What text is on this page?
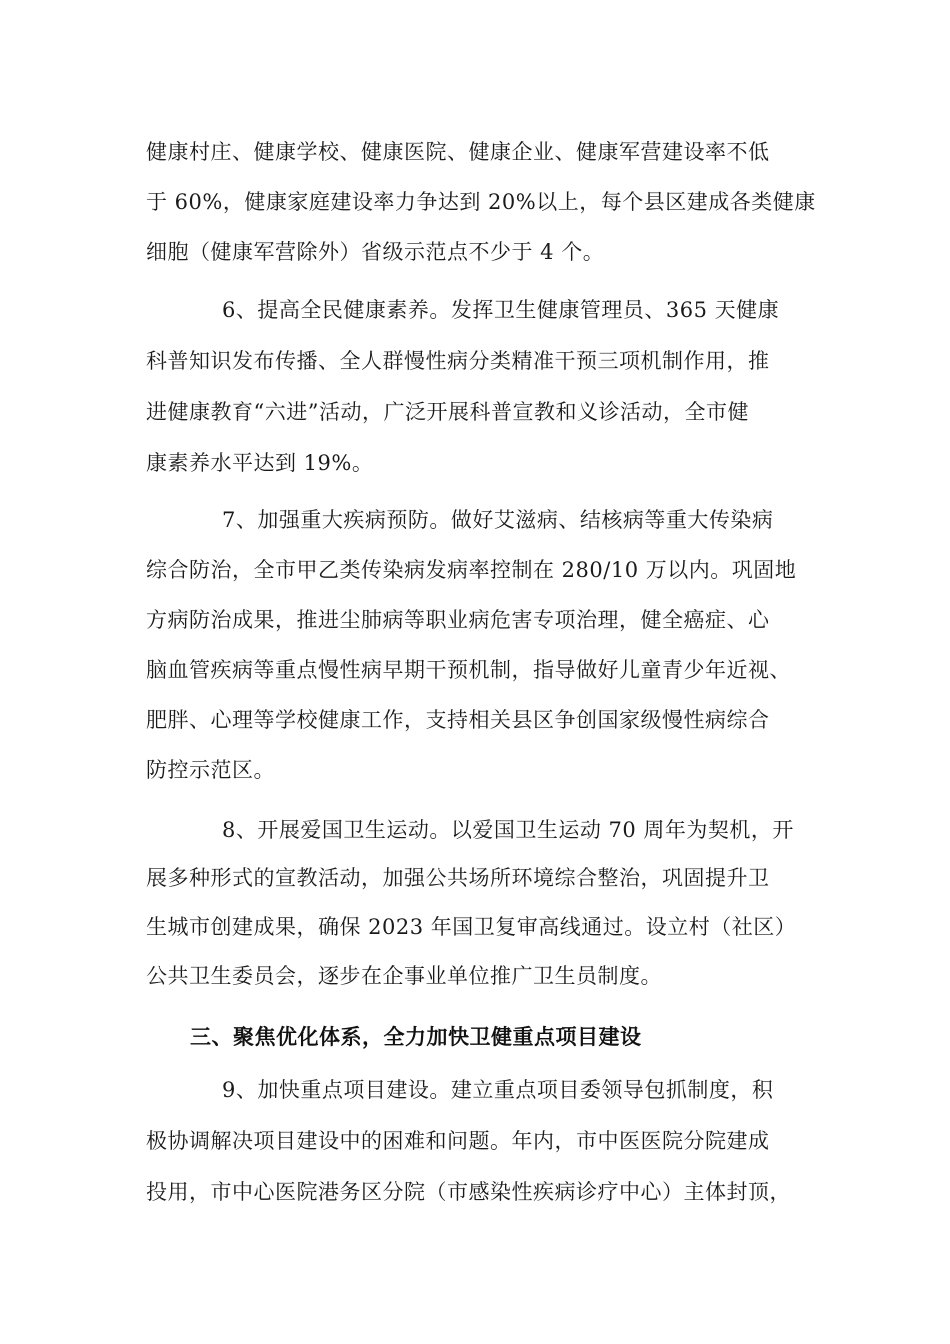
健康村庄、健康学校、健康医院、健康企业、健康军营建设率不低
于 60%，健康家庭建设率力争达到 20%以上，每个县区建成各类健康
细胞（健康军营除外）省级示范点不少于 4 个。
6、提高全民健康素养。发挥卫生健康管理员、365 天健康
科普知识发布传播、全人群慢性病分类精准干预三项机制作用，推
进健康教育“六进”活动，广泛开展科普宣教和义诊活动，全市健
康素养水平达到 19%。
7、加强重大疾病预防。做好艾滋病、结核病等重大传染病
综合防治，全市甲乙类传染病发病率控制在 280/10 万以内。巩固地
方病防治成果，推进尘肺病等职业病危害专项治理，健全癌症、心
脑血管疾病等重点慢性病早期干预机制，指导做好儿童青少年近视、
肥胖、心理等学校健康工作，支持相关县区争创国家级慢性病综合
防控示范区。
8、开展爱国卫生运动。以爱国卫生运动 70 周年为契机，开
展多种形式的宣教活动，加强公共场所环境综合整治，巩固提升卫
生城市创建成果，确保 2023 年国卫复审高线通过。设立村（社区）
公共卫生委员会，逐步在企事业单位推广卫生员制度。
三、聚焦优化体系，全力加快卫健重点项目建设
9、加快重点项目建设。建立重点项目委领导包抓制度，积
极协调解决项目建设中的困难和问题。年内，市中医医院分院建成
投用，市中心医院港务区分院（市感染性疾病诊疗中心）主体封顶，
